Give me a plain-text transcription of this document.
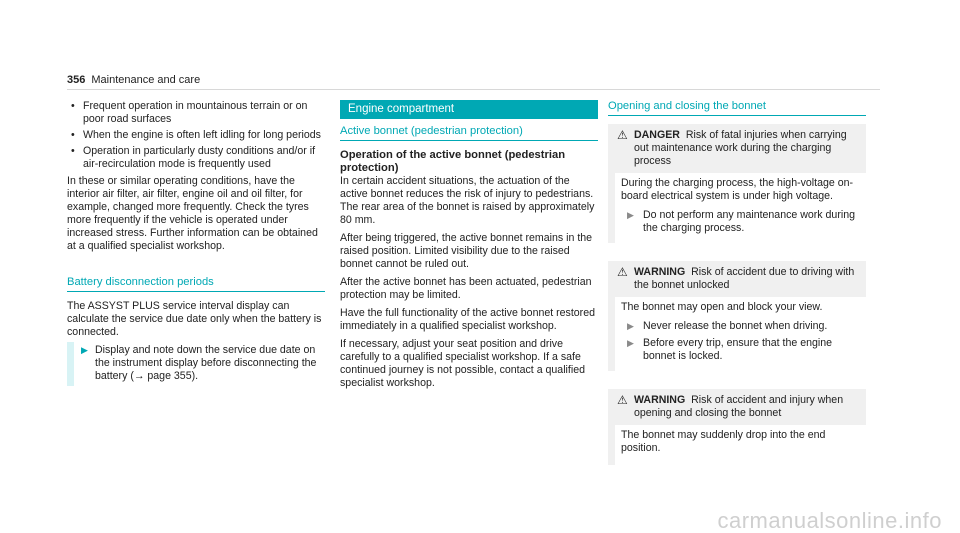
356 Maintenance and care
• Frequent operation in mountainous terrain or on poor road surfaces
• When the engine is often left idling for long periods
• Operation in particularly dusty conditions and/or if air-recirculation mode is frequently used

In these or similar operating conditions, have the interior air filter, air filter, engine oil and oil filter, for example, changed more frequently. Check the tyres more frequently if the vehicle is operated under increased stress. Further information can be obtained at a qualified specialist workshop.

Battery disconnection periods

The ASSYST PLUS service interval display can calculate the service due date only when the battery is connected.

▶ Display and note down the service due date on the instrument display before disconnecting the battery (→ page 355).
Engine compartment
Active bonnet (pedestrian protection)
Operation of the active bonnet (pedestrian protection)

In certain accident situations, the actuation of the active bonnet reduces the risk of injury to pedestrians. The rear area of the bonnet is raised by approximately 80 mm.

After being triggered, the active bonnet remains in the raised position. Limited visibility due to the raised bonnet cannot be ruled out.

After the active bonnet has been actuated, pedestrian protection may be limited.

Have the full functionality of the active bonnet restored immediately in a qualified specialist workshop.

If necessary, adjust your seat position and drive carefully to a qualified specialist workshop. If a safe continued journey is not possible, contact a qualified specialist workshop.

Opening and closing the bonnet
⚠ DANGER Risk of fatal injuries when carrying out maintenance work during the charging process

During the charging process, the high-voltage on-board electrical system is under high voltage.

▶ Do not perform any maintenance work during the charging process.
⚠ WARNING Risk of accident due to driving with the bonnet unlocked

The bonnet may open and block your view.

▶ Never release the bonnet when driving.
▶ Before every trip, ensure that the engine bonnet is locked.
⚠ WARNING Risk of accident and injury when opening and closing the bonnet

The bonnet may suddenly drop into the end position.

carmanualsonline.info
